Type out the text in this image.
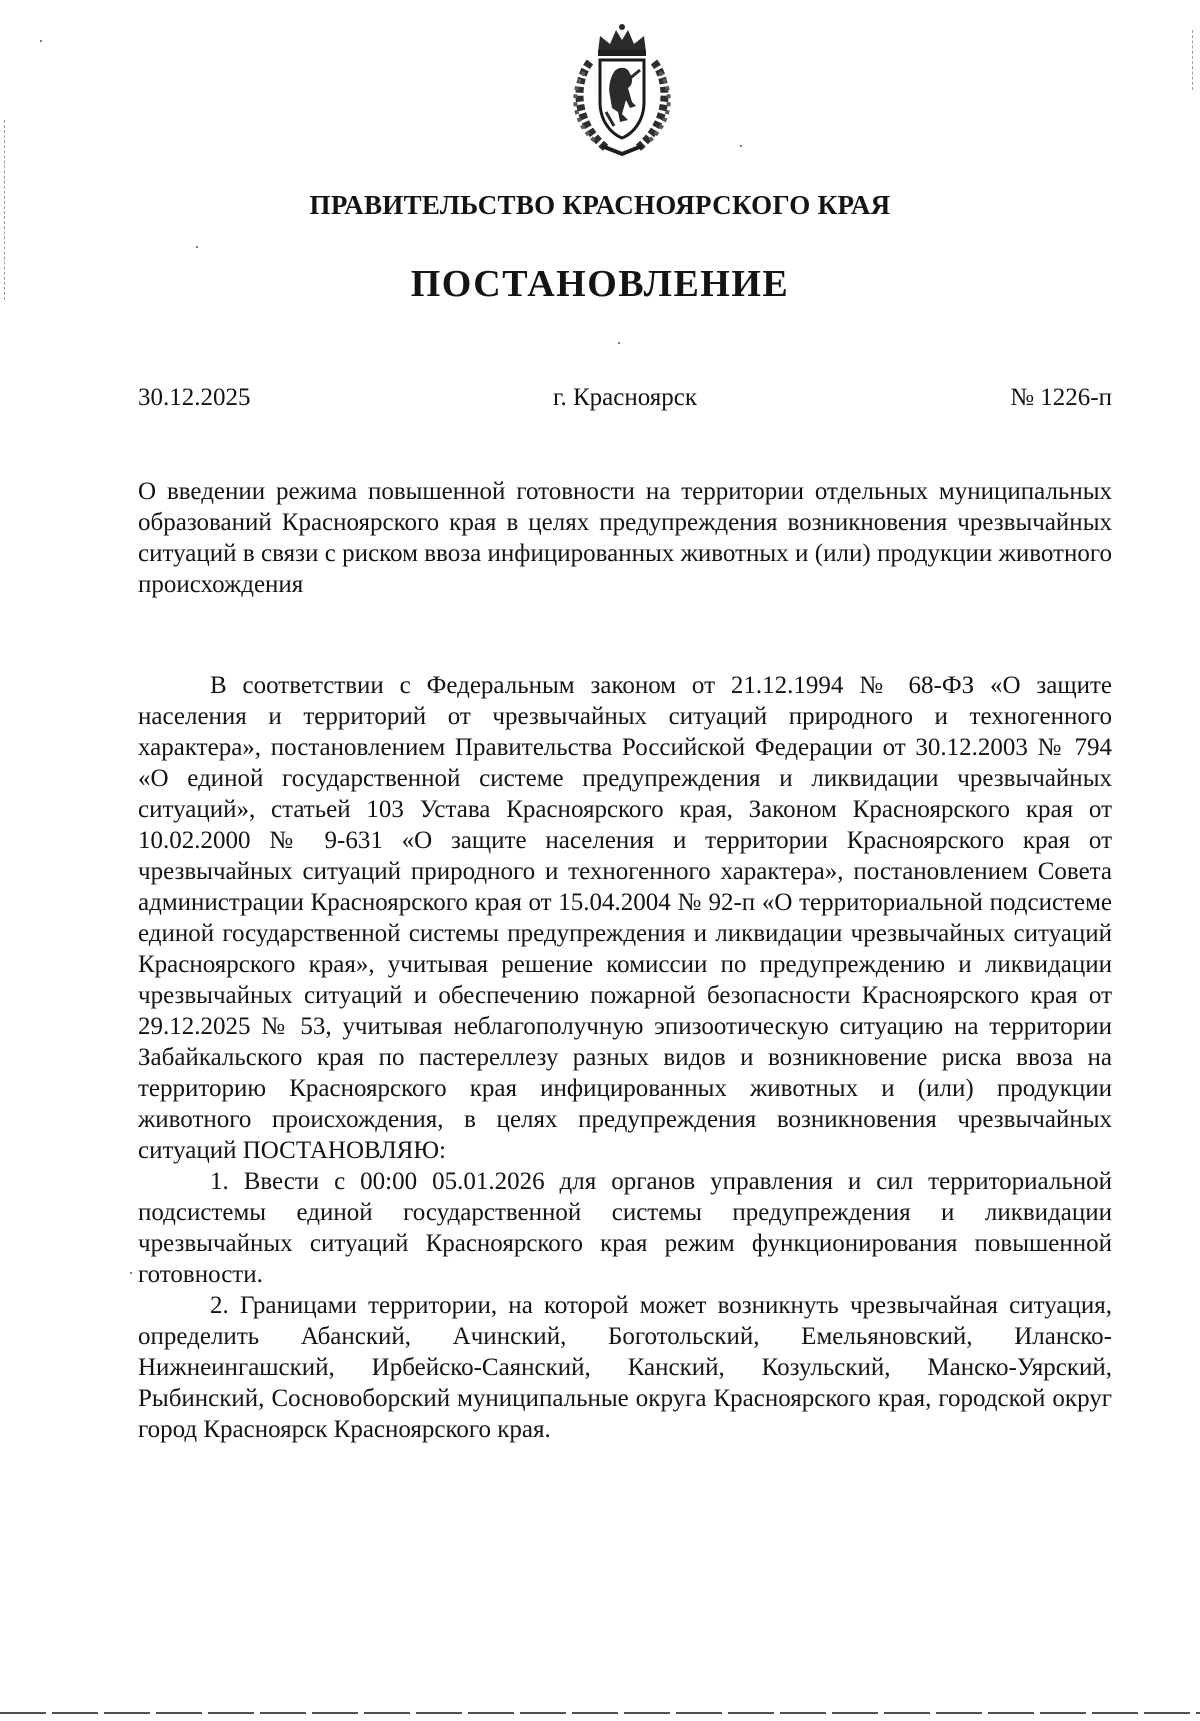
ПРАВИТЕЛЬСТВО КРАСНОЯРСКОГО КРАЯ
ПОСТАНОВЛЕНИЕ
30.12.2025	г. Красноярск	№ 1226-п
О введении режима повышенной готовности на территории отдельных муниципальных образований Красноярского края в целях предупреждения возникновения чрезвычайных ситуаций в связи с риском ввоза инфицированных животных и (или) продукции животного происхождения

В соответствии с Федеральным законом от 21.12.1994 № 68-ФЗ «О защите населения и территорий от чрезвычайных ситуаций природного и техногенного характера», постановлением Правительства Российской Федерации от 30.12.2003 № 794 «О единой государственной системе предупреждения и ликвидации чрезвычайных ситуаций», статьей 103 Устава Красноярского края, Законом Красноярского края от 10.02.2000 № 9-631 «О защите населения и территории Красноярского края от чрезвычайных ситуаций природного и техногенного характера», постановлением Совета администрации Красноярского края от 15.04.2004 № 92-п «О территориальной подсистеме единой государственной системы предупреждения и ликвидации чрезвычайных ситуаций Красноярского края», учитывая решение комиссии по предупреждению и ликвидации чрезвычайных ситуаций и обеспечению пожарной безопасности Красноярского края от 29.12.2025 № 53, учитывая неблагополучную эпизоотическую ситуацию на территории Забайкальского края по пастереллезу разных видов и возникновение риска ввоза на территорию Красноярского края инфицированных животных и (или) продукции животного происхождения, в целях предупреждения возникновения чрезвычайных ситуаций ПОСТАНОВЛЯЮ:

1. Ввести с 00:00 05.01.2026 для органов управления и сил территориальной подсистемы единой государственной системы предупреждения и ликвидации чрезвычайных ситуаций Красноярского края режим функционирования повышенной готовности.

2. Границами территории, на которой может возникнуть чрезвычайная ситуация, определить Абанский, Ачинский, Боготольский, Емельяновский, Иланско-Нижнеингашский, Ирбейско-Саянский, Канский, Козульский, Манско-Уярский, Рыбинский, Сосновоборский муниципальные округа Красноярского края, городской округ город Красноярск Красноярского края.
